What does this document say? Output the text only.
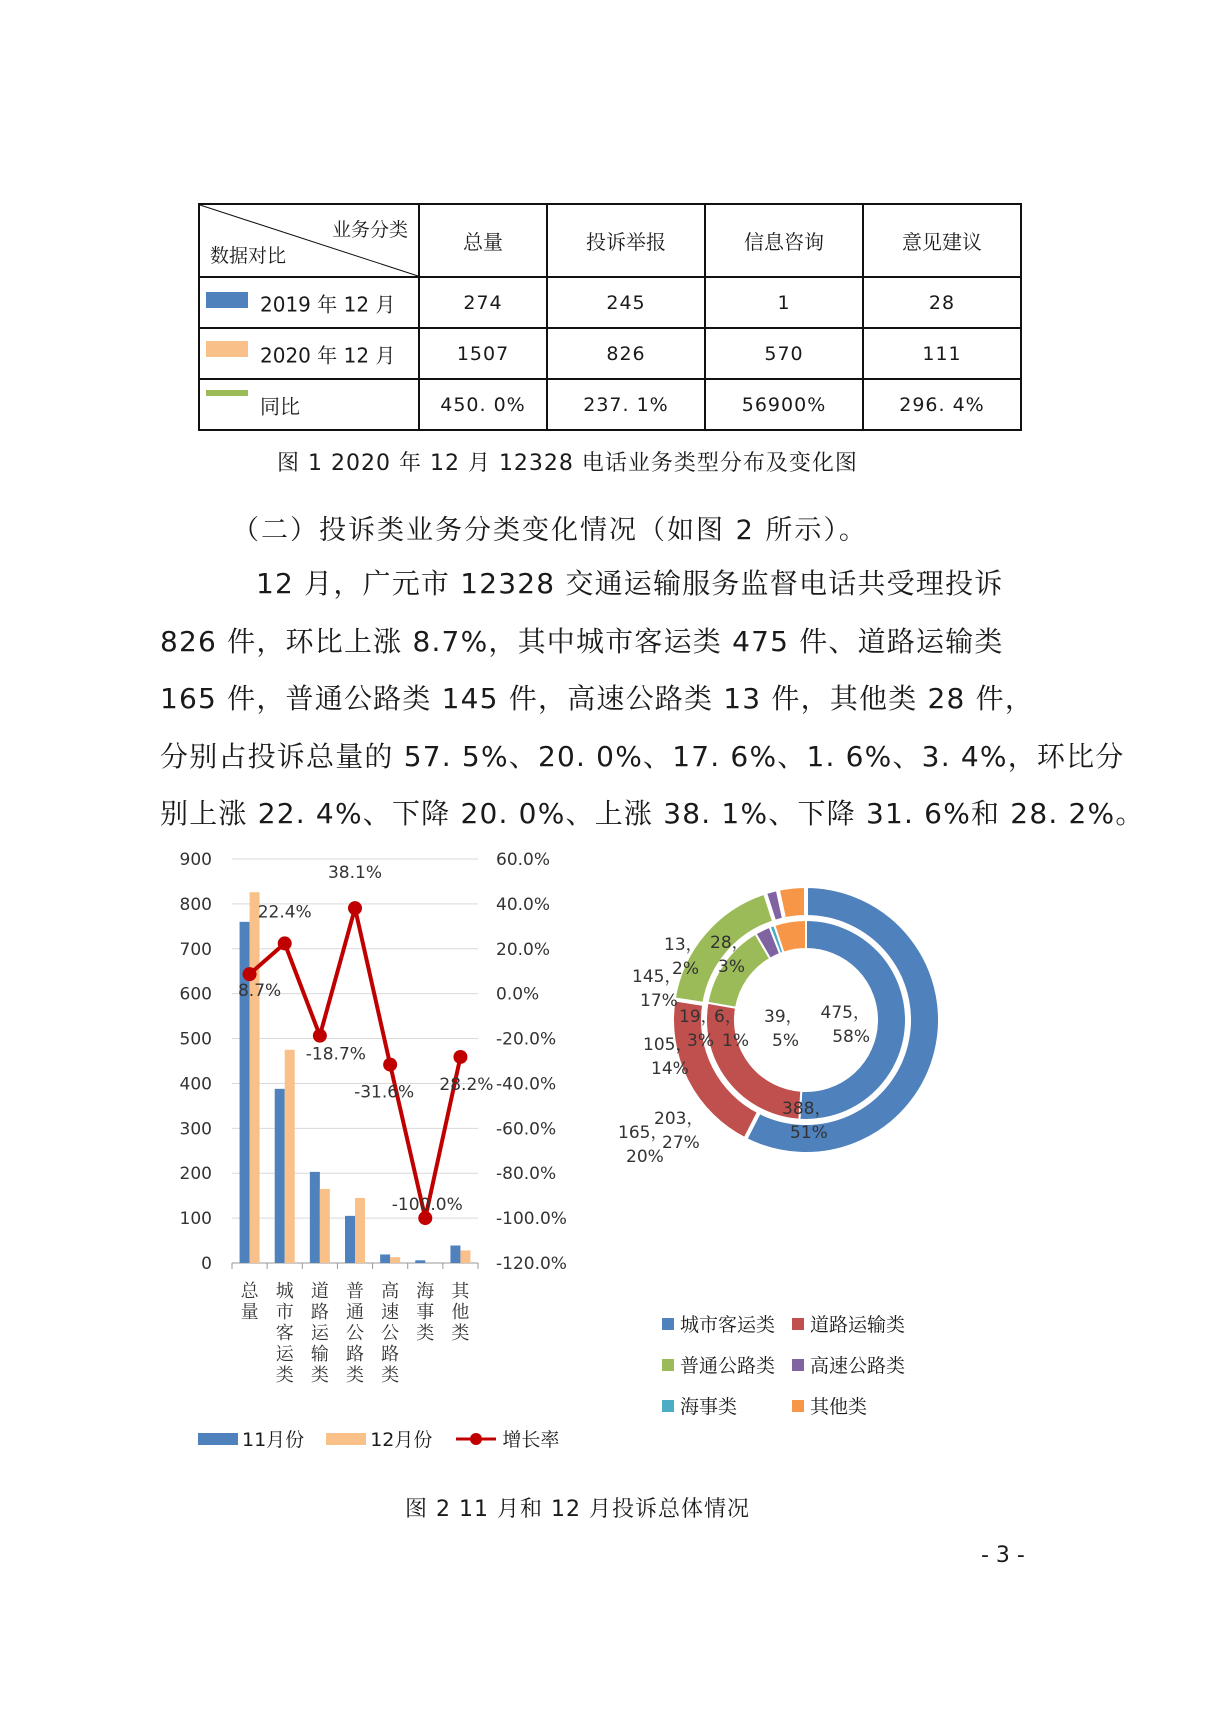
业务分类
数据对比	总量	投诉举报	信息咨询	意见建议

2019 年 12 月	274	245	1	28

2020 年 12 月	1507	826	570	111

同比	450. 0%	237. 1%	56900%	296. 4%
图 1 2020 年 12 月 12328 电话业务类型分布及变化图
（二）投诉类业务分类变化情况（如图 2 所示）。
12 月，广元市 12328 交通运输服务监督电话共受理投诉
826 件，环比上涨 8.7%，其中城市客运类 475 件、道路运输类
165 件，普通公路类 145 件，高速公路类 13 件，其他类 28 件，
分别占投诉总量的 57. 5%、20. 0%、17. 6%、1. 6%、3. 4%，环比分
别上涨 22. 4%、下降 20. 0%、上涨 38. 1%、下降 31. 6%和 28. 2%。
0	-120.0%
100	-100.0%
200	-80.0%
300	-60.0%
400	-40.0%
500	-20.0%
600	0.0%
700	20.0%
800	40.0%
900	60.0%
8.7%
22.4%
-18.7%
38.1%
-31.6%
-100.0%
28.2%
总
量
城
市
客
运
类
道
路
运
输
类
普
通
公
路
类
高
速
公
路
类
海
事
类
其
他
类
11月份	12月份	增长率
475，
58%
165，
20%
145，
17%
13，
2%
28，
3%
388，
51%
203，
27%
105，
14%
19，
3%
6，
1%
39，
5%
城市客运类 道路运输类
普通公路类 高速公路类
海事类	其他类
图 2 11 月和 12 月投诉总体情况
- 3 -
